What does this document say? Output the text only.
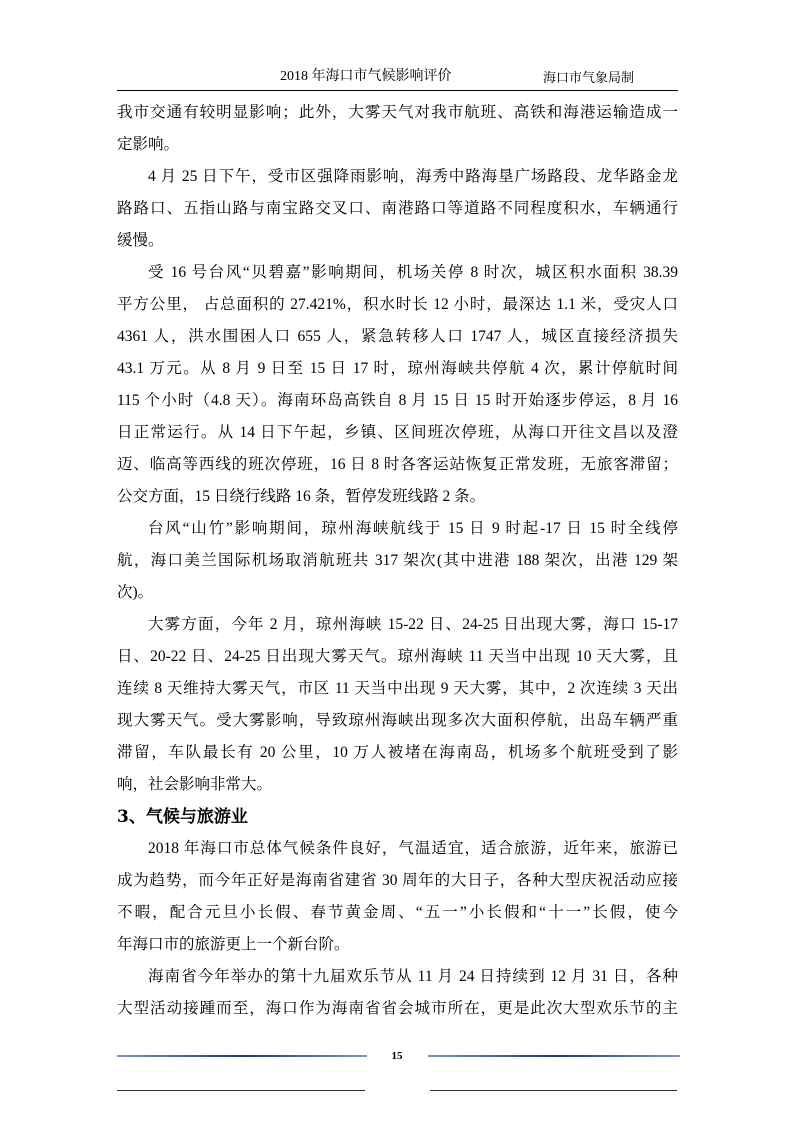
2018 年海口市气候影响评价	海口市气象局制
我市交通有较明显影响；此外，大雾天气对我市航班、高铁和海港运输造成一
定影响。
4 月 25 日下午，受市区强降雨影响，海秀中路海垦广场路段、龙华路金龙
路路口、五指山路与南宝路交叉口、南港路口等道路不同程度积水，车辆通行
缓慢。
受 16 号台风“贝碧嘉”影响期间，机场关停 8 时次，城区积水面积 38.39
平方公里， 占总面积的 27.421%，积水时长 12 小时，最深达 1.1 米，受灾人口
4361 人，洪水围困人口 655 人，紧急转移人口 1747 人，城区直接经济损失
43.1 万元。从 8 月 9 日至 15 日 17 时，琼州海峡共停航 4 次，累计停航时间
115 个小时（4.8 天）。海南环岛高铁自 8 月 15 日 15 时开始逐步停运，8 月 16
日正常运行。从 14 日下午起，乡镇、区间班次停班，从海口开往文昌以及澄
迈、临高等西线的班次停班，16 日 8 时各客运站恢复正常发班，无旅客滞留；
公交方面，15 日绕行线路 16 条，暂停发班线路 2 条。
台风“山竹”影响期间，琼州海峡航线于 15 日 9 时起-17 日 15 时全线停
航，海口美兰国际机场取消航班共 317 架次(其中进港 188 架次，出港 129 架
次)。
大雾方面，今年 2 月，琼州海峡 15-22 日、24-25 日出现大雾，海口 15-17
日、20-22 日、24-25 日出现大雾天气。琼州海峡 11 天当中出现 10 天大雾，且
连续 8 天维持大雾天气，市区 11 天当中出现 9 天大雾，其中，2 次连续 3 天出
现大雾天气。受大雾影响，导致琼州海峡出现多次大面积停航，出岛车辆严重
滞留，车队最长有 20 公里，10 万人被堵在海南岛，机场多个航班受到了影
响，社会影响非常大。
3、气候与旅游业
2018 年海口市总体气候条件良好，气温适宜，适合旅游，近年来，旅游已
成为趋势，而今年正好是海南省建省 30 周年的大日子，各种大型庆祝活动应接
不暇，配合元旦小长假、春节黄金周、“五一”小长假和“十一”长假，使今
年海口市的旅游更上一个新台阶。
海南省今年举办的第十九届欢乐节从 11 月 24 日持续到 12 月 31 日，各种
大型活动接踵而至，海口作为海南省省会城市所在，更是此次大型欢乐节的主
15
